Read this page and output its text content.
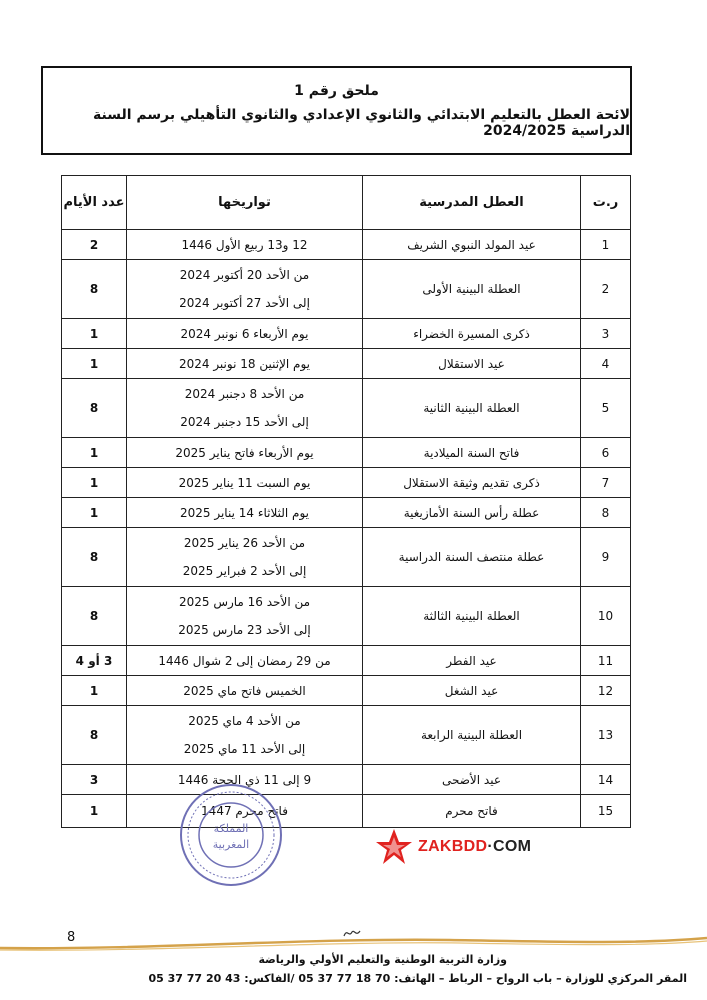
ملحق رقم 1
لائحة العطل بالتعليم الابتدائي والثانوي الإعدادي والثانوي التأهيلي برسم السنة الدراسية 2024/2025
ر.ت	العطل المدرسية	تواريخها	عدد الأيام
1	عيد المولد النبوي الشريف	12 و13 ربيع الأول 1446	2
2	العطلة البينية الأولى	من الأحد 20 أكتوبر 2024
إلى الأحد 27 أكتوبر 2024	8
3	ذكرى المسيرة الخضراء	يوم الأربعاء 6 نونبر 2024	1
4	عيد الاستقلال	يوم الإثنين 18 نونبر 2024	1
5	العطلة البينية الثانية	من الأحد 8 دجنبر 2024
إلى الأحد 15 دجنبر 2024	8
6	فاتح السنة الميلادية	يوم الأربعاء فاتح يناير 2025	1
7	ذكرى تقديم وثيقة الاستقلال	يوم السبت 11 يناير 2025	1
8	عطلة رأس السنة الأمازيغية	يوم الثلاثاء 14 يناير 2025	1
9	عطلة منتصف السنة الدراسية	من الأحد 26 يناير 2025
إلى الأحد 2 فبراير 2025	8
10	العطلة البينية الثالثة	من الأحد 16 مارس 2025
إلى الأحد 23 مارس 2025	8
11	عيد الفطر	من 29 رمضان إلى 2 شوال 1446	3 أو 4
12	عيد الشغل	الخميس فاتح ماي 2025	1
13	العطلة البينية الرابعة	من الأحد 4 ماي 2025
إلى الأحد 11 ماي 2025	8
14	عيد الأضحى	9 إلى 11 ذي الحجة 1446	3
15	فاتح محرم	فاتح محرم 1447	1
المملكة
المغربية	ZAKBDD·COM
8
وزارة التربية الوطنية والتعليم الأولي والرياضة
المقر المركزي للوزارة – باب الرواح – الرباط – الهاتف: 70 18 77 37 05 /الفاكس: 43 20 77 37 05
